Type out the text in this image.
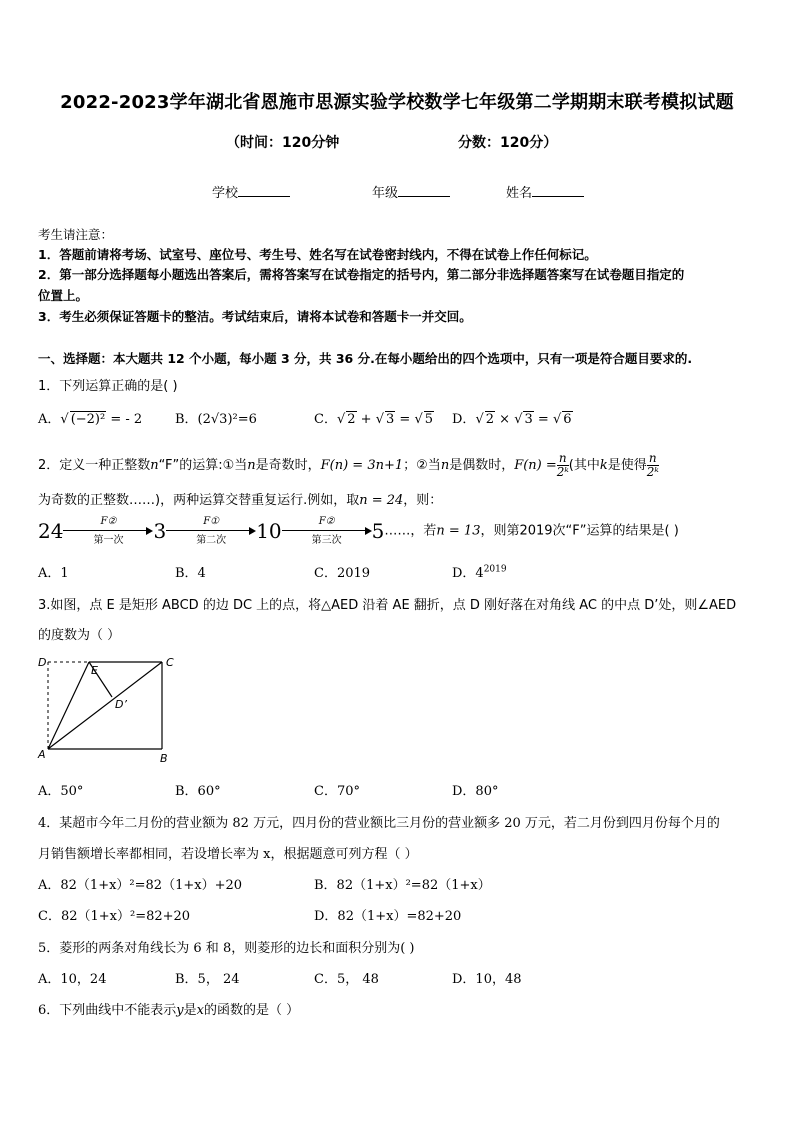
2022-2023学年湖北省恩施市思源实验学校数学七年级第二学期期末联考模拟试题
（时间：120分钟	分数：120分）
学校	年级	姓名
考生请注意：
1．答题前请将考场、试室号、座位号、考生号、姓名写在试卷密封线内，不得在试卷上作任何标记。
2．第一部分选择题每小题选出答案后，需将答案写在试卷指定的括号内，第二部分非选择题答案写在试卷题目指定的
位置上。
3．考生必须保证答题卡的整洁。考试结束后，请将本试卷和答题卡一并交回。
一、选择题：本大题共 12 个小题，每小题 3 分，共 36 分.在每小题给出的四个选项中，只有一项是符合题目要求的.
1．下列运算正确的是( )
A．√ (−2)² = - 2	B．(2√3)²=6	C．√ 2 + √ 3 = √ 5 D．√ 2 × √ 3 = √ 6
2．定义一种正整数n“F”的运算:①当n是奇数时，F(n) = 3n+1；②当n是偶数时，$F(n) = \frac{n}{\text{2ᵏ}}$ (其中k是使得 $\frac{n}{\text{2ᵏ}}$
为奇数的正整数……)，两种运算交替重复运行.例如，取n = 24，则：
24	F②
第一次 3	F①
第二次 10	F②
第三次 5……，若n = 13，则第2019次“F”运算的结果是( )
A．1	B．4	C．2019	D．$4^{2019}$
3.如图，点 E 是矩形 ABCD 的边 DC 上的点，将△AED 沿着 AE 翻折，点 D 刚好落在对角线 AC 的中点 D’处，则∠AED
的度数为（ ）
D
E
C
D’
A	B
A．50°	B．60°	C．70°	D．80°
4．某超市今年二月份的营业额为 82 万元，四月份的营业额比三月份的营业额多 20 万元，若二月份到四月份每个月的
月销售额增长率都相同，若设增长率为 x，根据题意可列方程（ ）
A．82（1+x）²=82（1+x）+20	B．82（1+x）²=82（1+x）
C．82（1+x）²=82+20	D．82（1+x）=82+20
5．菱形的两条对角线长为 6 和 8，则菱形的边长和面积分别为( )
A．10，24	B．5， 24	C．5， 48	D．10，48
6．下列曲线中不能表示y是x的函数的是（ ）
